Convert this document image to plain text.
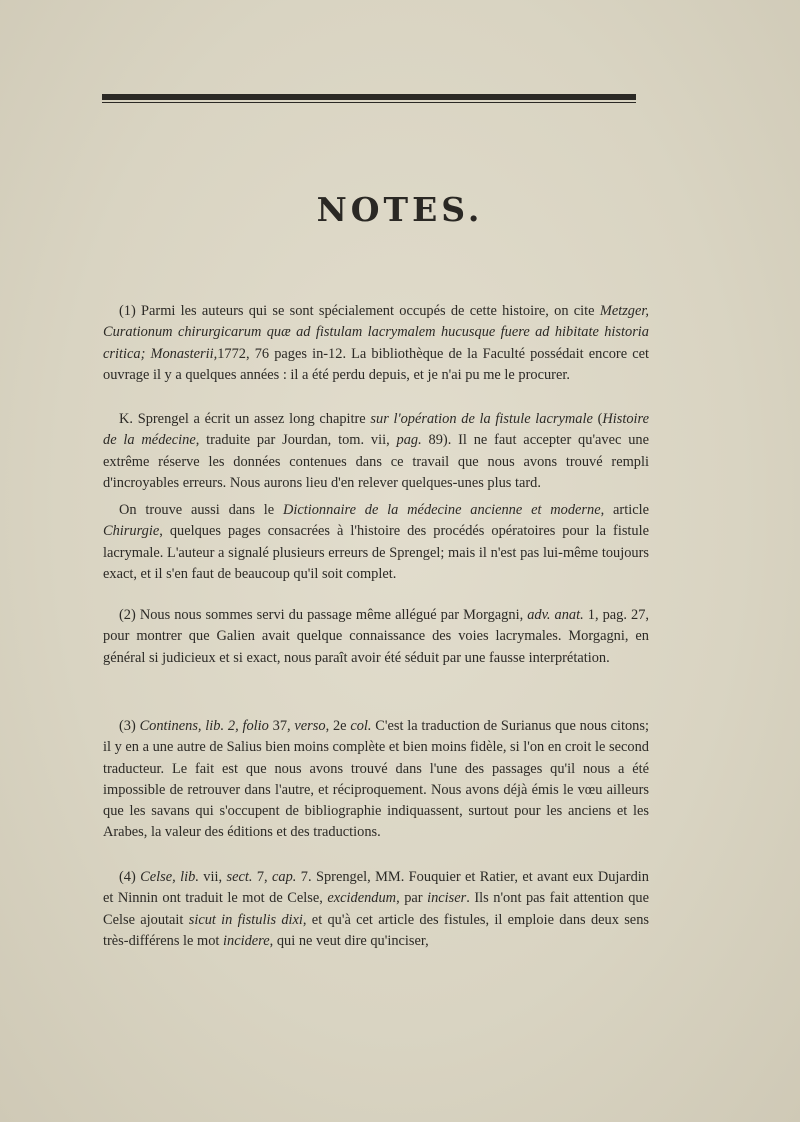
NOTES.

(1) Parmi les auteurs qui se sont spécialement occupés de cette histoire, on cite Metzger, Curationum chirurgicarum quæ ad fistulam lacrymalem hucusque fuere ad hibitate historia critica; Monasterii,1772, 76 pages in-12. La bibliothèque de la Faculté possédait encore cet ouvrage il y a quelques années : il a été perdu depuis, et je n'ai pu me le procurer.

K. Sprengel a écrit un assez long chapitre sur l'opération de la fistule lacrymale (Histoire de la médecine, traduite par Jourdan, tom. vii, pag. 89). Il ne faut accepter qu'avec une extrême réserve les données contenues dans ce travail que nous avons trouvé rempli d'incroyables erreurs. Nous aurons lieu d'en relever quelques-unes plus tard.

On trouve aussi dans le Dictionnaire de la médecine ancienne et moderne, article Chirurgie, quelques pages consacrées à l'histoire des procédés opératoires pour la fistule lacrymale. L'auteur a signalé plusieurs erreurs de Sprengel; mais il n'est pas lui-même toujours exact, et il s'en faut de beaucoup qu'il soit complet.

(2) Nous nous sommes servi du passage même allégué par Morgagni, adv. anat. 1, pag. 27, pour montrer que Galien avait quelque connaissance des voies lacrymales. Morgagni, en général si judicieux et si exact, nous paraît avoir été séduit par une fausse interprétation.

(3) Continens, lib. 2, folio 37, verso, 2e col. C'est la traduction de Surianus que nous citons; il y en a une autre de Salius bien moins complète et bien moins fidèle, si l'on en croit le second traducteur. Le fait est que nous avons trouvé dans l'une des passages qu'il nous a été impossible de retrouver dans l'autre, et réciproquement. Nous avons déjà émis le vœu ailleurs que les savans qui s'occupent de bibliographie indiquassent, surtout pour les anciens et les Arabes, la valeur des éditions et des traductions.

(4) Celse, lib. vii, sect. 7, cap. 7. Sprengel, MM. Fouquier et Ratier, et avant eux Dujardin et Ninnin ont traduit le mot de Celse, excidendum, par inciser. Ils n'ont pas fait attention que Celse ajoutait sicut in fistulis dixi, et qu'à cet article des fistules, il emploie dans deux sens très-différens le mot incidere, qui ne veut dire qu'inciser,
